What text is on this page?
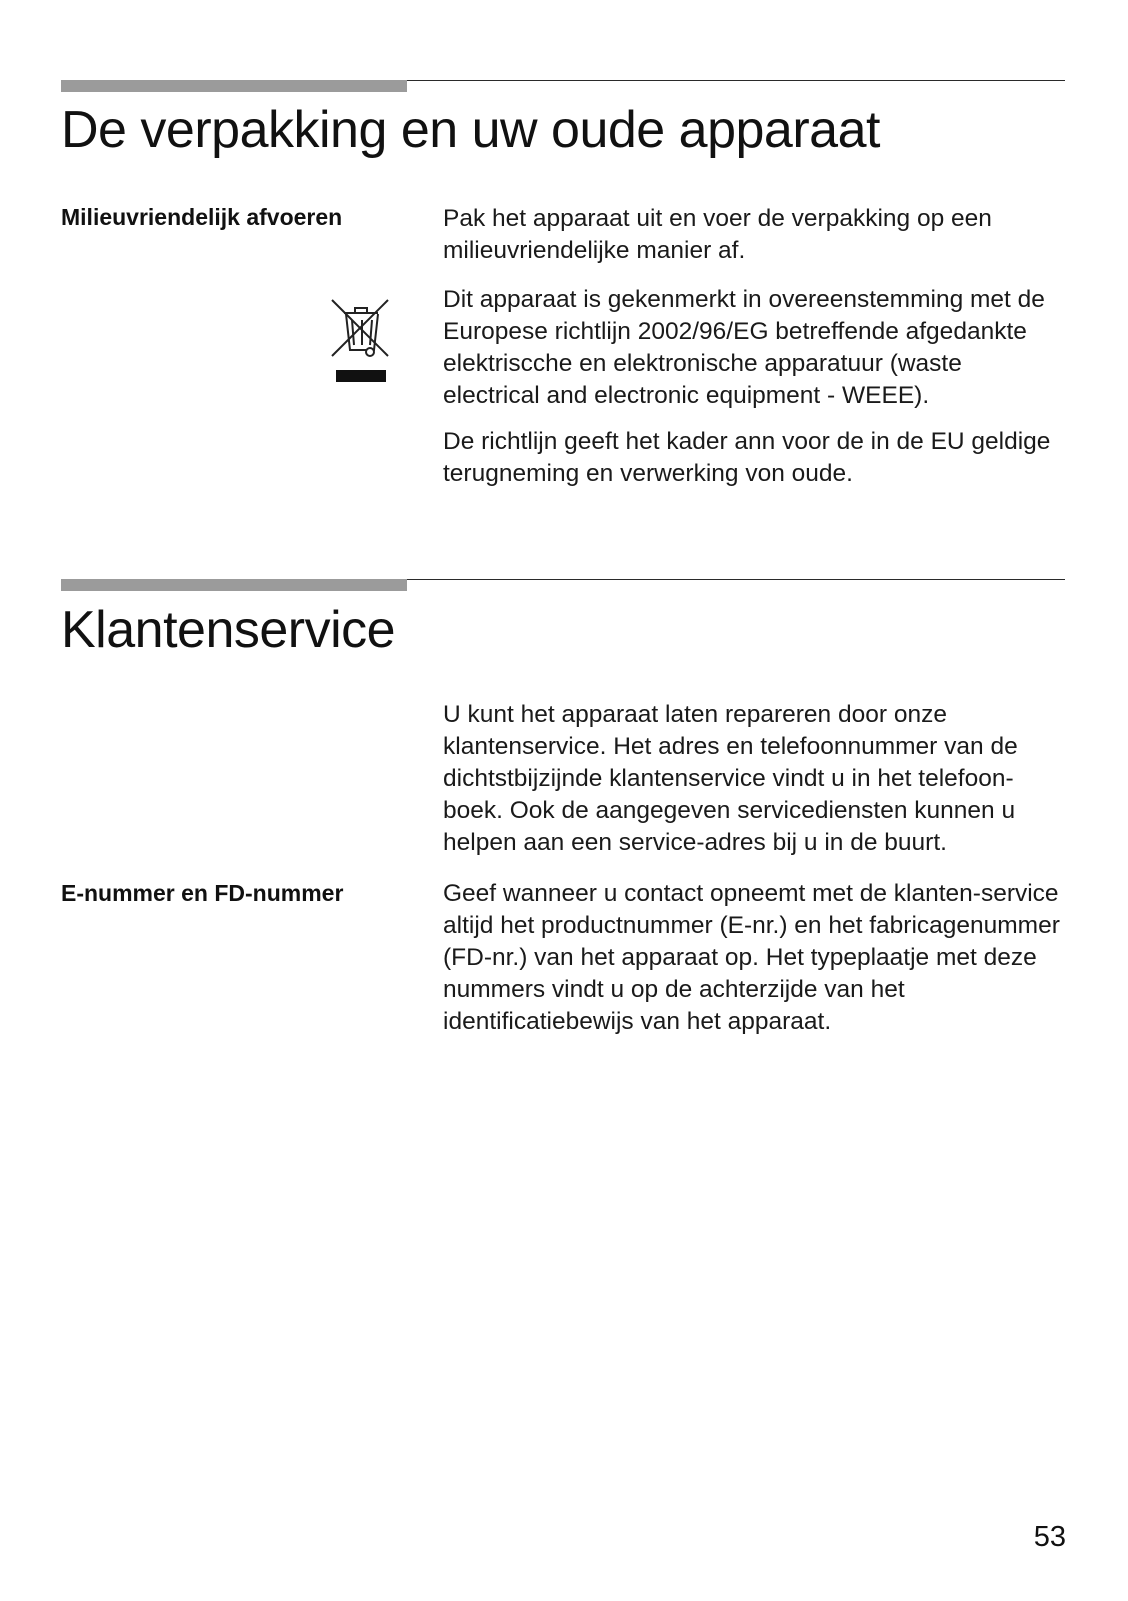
De verpakking en uw oude apparaat
Milieuvriendelijk afvoeren	Pak het apparaat uit en voer de verpakking op een milieuvriendelijke manier af.

Dit apparaat is gekenmerkt in overeenstemming met de Europese richtlijn 2002/96/EG betreffende afgedankte elektriscche en elektronische apparatuur (waste electrical and electronic equipment - WEEE).

De richtlijn geeft het kader ann voor de in de EU geldige terugneming en verwerking von oude.

Klantenservice

U kunt het apparaat laten repareren door onze klantenservice. Het adres en telefoonnummer van de dichtstbijzijnde klantenservice vindt u in het telefoon-boek. Ook de aangegeven servicediensten kunnen u helpen aan een service-adres bij u in de buurt.

E-nummer en FD-nummer	Geef wanneer u contact opneemt met de klanten-service altijd het productnummer (E-nr.) en het fabricagenummer (FD-nr.) van het apparaat op. Het typeplaatje met deze nummers vindt u op de achterzijde van het identificatiebewijs van het apparaat.

53
